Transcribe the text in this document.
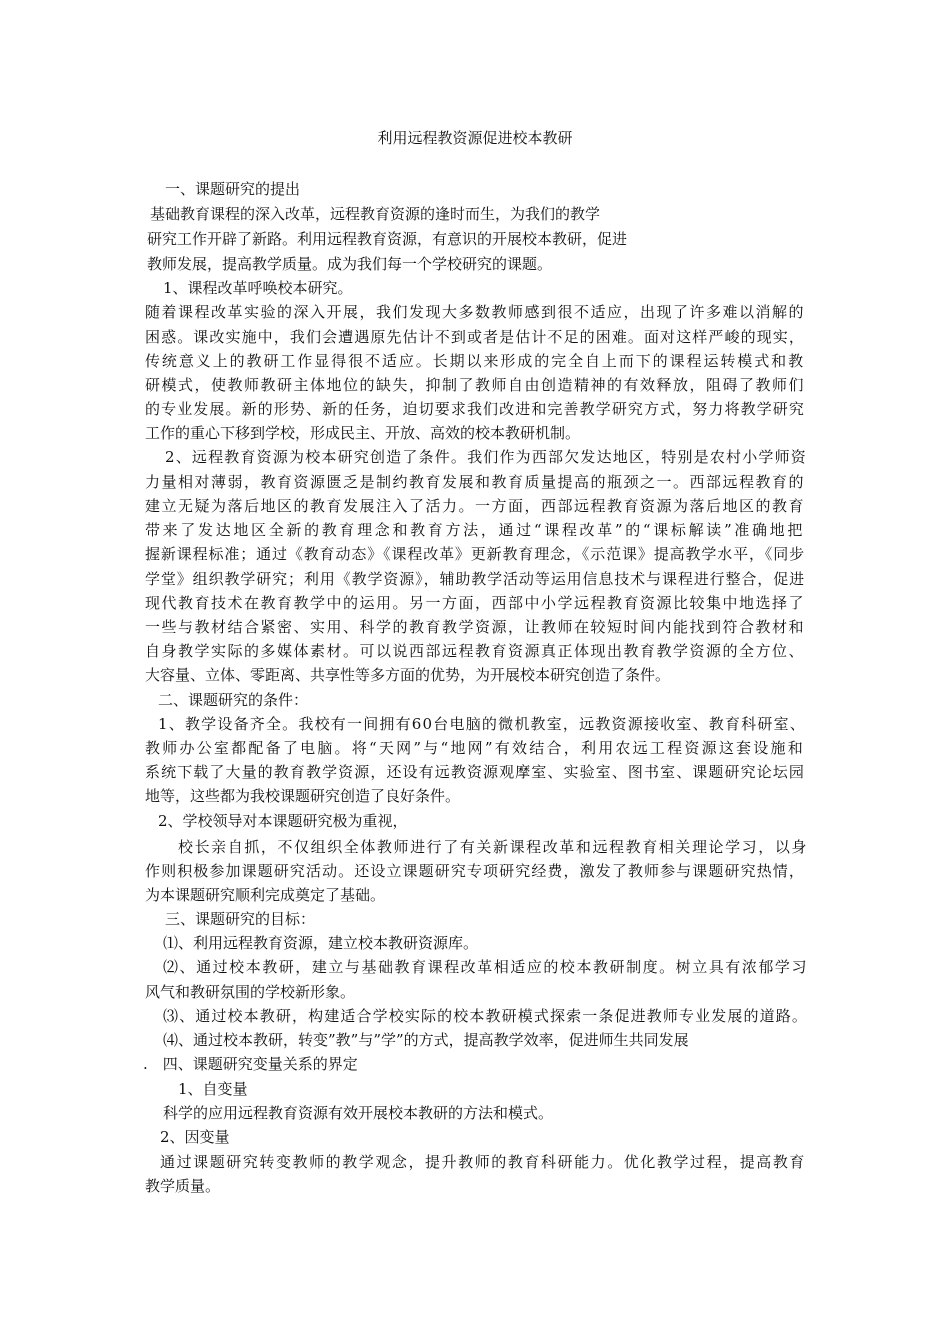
利用远程教资源促进校本教研
一、课题研究的提出
基础教育课程的深入改革，远程教育资源的逢时而生，为我们的教学
研究工作开辟了新路。利用远程教育资源，有意识的开展校本教研，促进
教师发展，提高教学质量。成为我们每一个学校研究的课题。
1、课程改革呼唤校本研究。
随着课程改革实验的深入开展，我们发现大多数教师感到很不适应，出现了许多难以消解的
困惑。课改实施中，我们会遭遇原先估计不到或者是估计不足的困难。面对这样严峻的现实，
传统意义上的教研工作显得很不适应。长期以来形成的完全自上而下的课程运转模式和教
研模式，使教师教研主体地位的缺失，抑制了教师自由创造精神的有效释放，阻碍了教师们
的专业发展。新的形势、新的任务，迫切要求我们改进和完善教学研究方式，努力将教学研究
工作的重心下移到学校，形成民主、开放、高效的校本教研机制。
2、远程教育资源为校本研究创造了条件。我们作为西部欠发达地区，特别是农村小学师资
力量相对薄弱，教育资源匮乏是制约教育发展和教育质量提高的瓶颈之一。西部远程教育的
建立无疑为落后地区的教育发展注入了活力。一方面，西部远程教育资源为落后地区的教育
带来了发达地区全新的教育理念和教育方法，通过“课程改革”的“课标解读”准确地把
握新课程标准；通过《教育动态》《课程改革》更新教育理念，《示范课》提高教学水平，《同步
学堂》组织教学研究；利用《教学资源》，辅助教学活动等运用信息技术与课程进行整合，促进
现代教育技术在教育教学中的运用。另一方面，西部中小学远程教育资源比较集中地选择了
一些与教材结合紧密、实用、科学的教育教学资源，让教师在较短时间内能找到符合教材和
自身教学实际的多媒体素材。可以说西部远程教育资源真正体现出教育教学资源的全方位、
大容量、立体、零距离、共享性等多方面的优势，为开展校本研究创造了条件。
二、课题研究的条件：
1、教学设备齐全。我校有一间拥有60台电脑的微机教室，远教资源接收室、教育科研室、
教师办公室都配备了电脑。将“天网”与“地网”有效结合，利用农远工程资源这套设施和
系统下载了大量的教育教学资源，还设有远教资源观摩室、实验室、图书室、课题研究论坛园
地等，这些都为我校课题研究创造了良好条件。
2、学校领导对本课题研究极为重视，
校长亲自抓，不仅组织全体教师进行了有关新课程改革和远程教育相关理论学习，以身
作则积极参加课题研究活动。还设立课题研究专项研究经费，激发了教师参与课题研究热情，
为本课题研究顺利完成奠定了基础。
三、课题研究的目标：
⑴、利用远程教育资源，建立校本教研资源库。
⑵、通过校本教研，建立与基础教育课程改革相适应的校本教研制度。树立具有浓郁学习
风气和教研氛围的学校新形象。
⑶、通过校本教研，构建适合学校实际的校本教研模式探索一条促进教师专业发展的道路。
⑷、通过校本教研，转变”教”与”学”的方式，提高教学效率，促进师生共同发展
.　四、课题研究变量关系的界定
1、自变量
科学的应用远程教育资源有效开展校本教研的方法和模式。
2、因变量
通过课题研究转变教师的教学观念，提升教师的教育科研能力。优化教学过程，提高教育
教学质量。
